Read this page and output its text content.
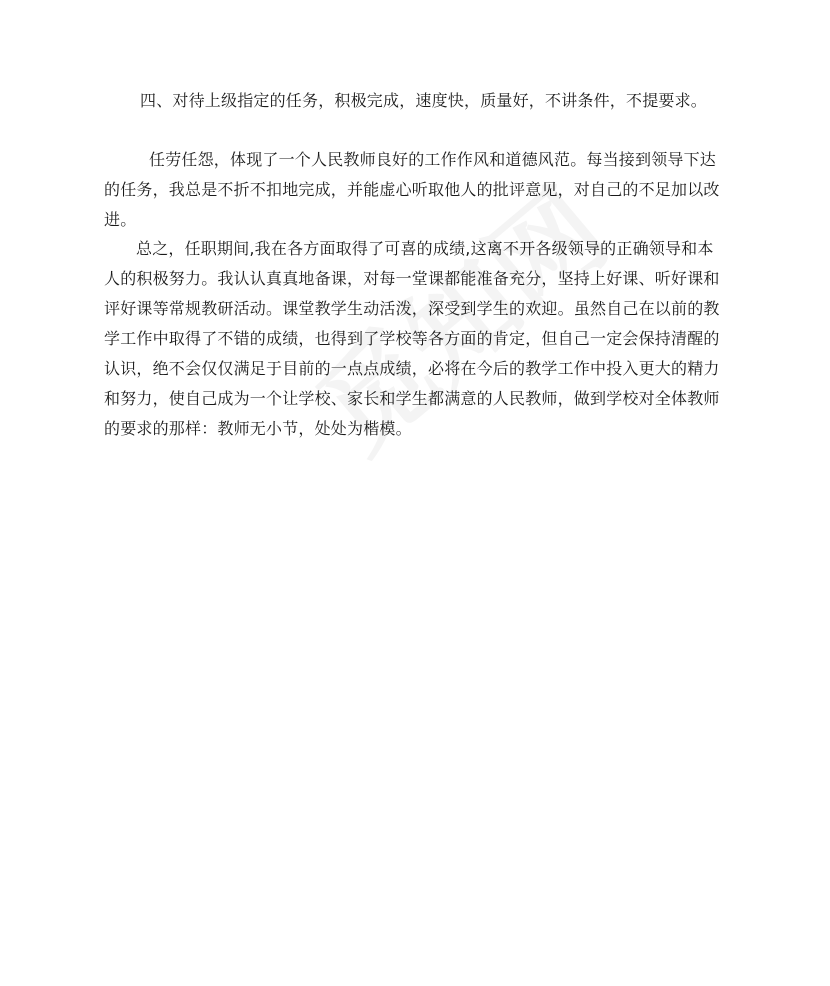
四、对待上级指定的任务，积极完成，速度快，质量好，不讲条件，不提要求。
任劳任怨，体现了一个人民教师良好的工作作风和道德风范。每当接到领导下达的任务，我总是不折不扣地完成，并能虚心听取他人的批评意见，对自己的不足加以改进。
总之，任职期间,我在各方面取得了可喜的成绩,这离不开各级领导的正确领导和本人的积极努力。我认认真真地备课，对每一堂课都能准备充分，坚持上好课、听好课和评好课等常规教研活动。课堂教学生动活泼，深受到学生的欢迎。虽然自己在以前的教学工作中取得了不错的成绩，也得到了学校等各方面的肯定，但自己一定会保持清醒的认识，绝不会仅仅满足于目前的一点点成绩，必将在今后的教学工作中投入更大的精力和努力，使自己成为一个让学校、家长和学生都满意的人民教师，做到学校对全体教师的要求的那样：教师无小节，处处为楷模。
